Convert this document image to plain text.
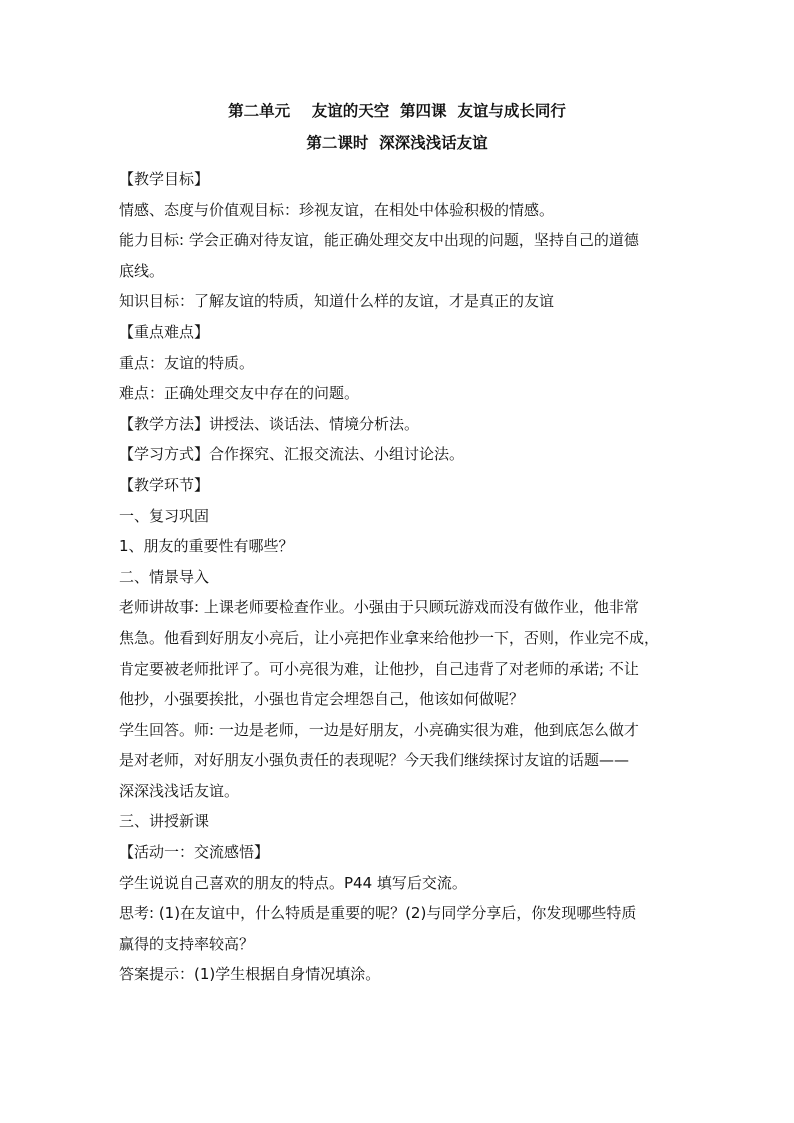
第二单元    友谊的天空  第四课  友谊与成长同行
第二课时  深深浅浅话友谊
【教学目标】
情感、态度与价值观目标：珍视友谊，在相处中体验积极的情感。
能力目标: 学会正确对待友谊，能正确处理交友中出现的问题，坚持自己的道德
底线。
知识目标：了解友谊的特质，知道什么样的友谊，才是真正的友谊
【重点难点】
重点：友谊的特质。
难点：正确处理交友中存在的问题。
【教学方法】讲授法、谈话法、情境分析法。
【学习方式】合作探究、汇报交流法、小组讨论法。
【教学环节】
一、复习巩固
1、朋友的重要性有哪些？
二、情景导入
老师讲故事: 上课老师要检查作业。小强由于只顾玩游戏而没有做作业，他非常
焦急。他看到好朋友小亮后，让小亮把作业拿来给他抄一下，否则，作业完不成，
肯定要被老师批评了。可小亮很为难，让他抄，自己违背了对老师的承诺; 不让
他抄，小强要挨批，小强也肯定会埋怨自己，他该如何做呢？
学生回答。师: 一边是老师，一边是好朋友，小亮确实很为难，他到底怎么做才
是对老师，对好朋友小强负责任的表现呢？今天我们继续探讨友谊的话题——
深深浅浅话友谊。
三、讲授新课
【活动一：交流感悟】
学生说说自己喜欢的朋友的特点。P44 填写后交流。
思考: (1)在友谊中，什么特质是重要的呢？(2)与同学分享后，你发现哪些特质
赢得的支持率较高？
答案提示：(1)学生根据自身情况填涂。
